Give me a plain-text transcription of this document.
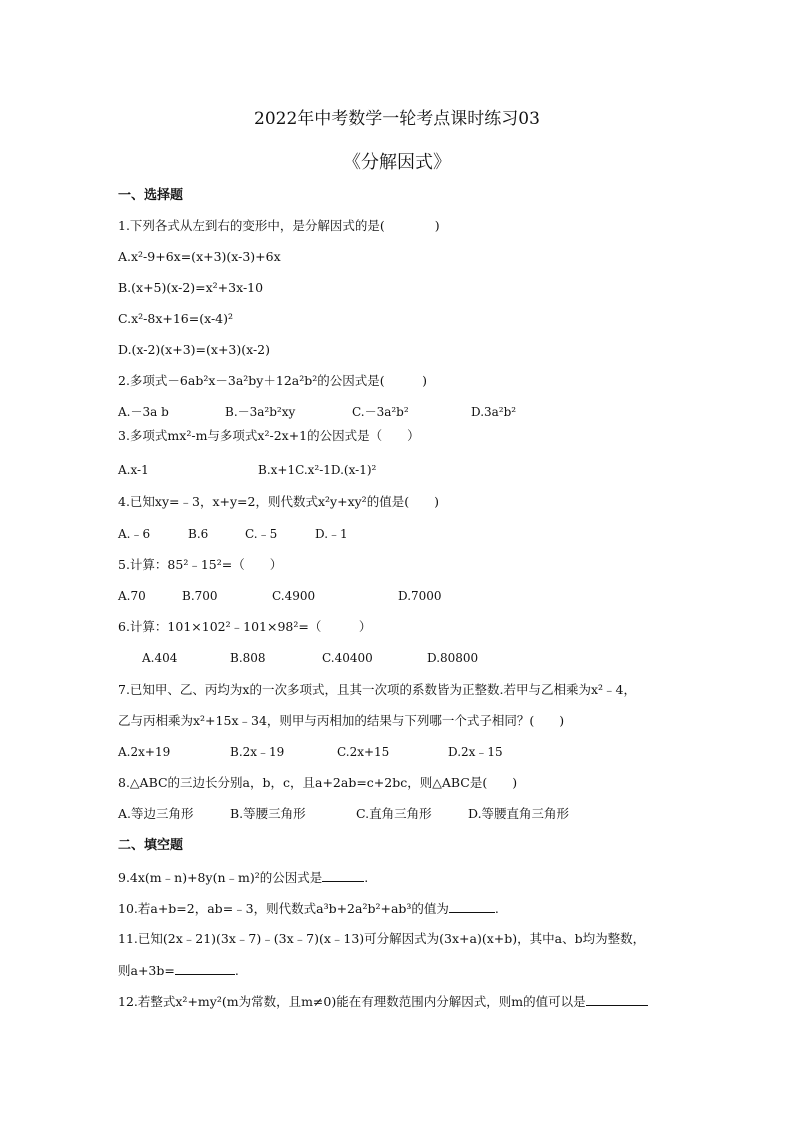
2022年中考数学一轮考点课时练习03
《分解因式》
一、选择题
1.下列各式从左到右的变形中，是分解因式的是(　　　　)
A.x²-9+6x=(x+3)(x-3)+6x
B.(x+5)(x-2)=x²+3x-10
C.x²-8x+16=(x-4)²
D.(x-2)(x+3)=(x+3)(x-2)
2.多项式－6ab²x－3a²by＋12a²b²的公因式是(　　　)
A.－3a b	B.－3a²b²xy	C.－3a²b²	D.3a²b²
3.多项式mx²-m与多项式x²-2x+1的公因式是（　　）
A.x-1	B.x+1C.x²-1D.(x-1)²
4.已知xy=﹣3，x+y=2，则代数式x²y+xy²的值是(　　)
A.﹣6	B.6	C.﹣5	D.﹣1
5.计算：85²﹣15²=（　　）
A.70	B.700	C.4900	D.7000
6.计算：101×102²﹣101×98²=（　　　）
A.404	B.808	C.40400	D.80800
7.已知甲、乙、丙均为x的一次多项式，且其一次项的系数皆为正整数.若甲与乙相乘为x²﹣4，
乙与丙相乘为x²+15x﹣34，则甲与丙相加的结果与下列哪一个式子相同？(　　)
A.2x+19	B.2x﹣19	C.2x+15	D.2x﹣15
8.△ABC的三边长分别a，b，c，且a+2ab=c+2bc，则△ABC是(　　)
A.等边三角形	B.等腰三角形	C.直角三角形	D.等腰直角三角形
二、填空题
9.4x(m﹣n)+8y(n﹣m)²的公因式是	.
10.若a+b=2，ab=﹣3，则代数式a³b+2a²b²+ab³的值为	.
11.已知(2x﹣21)(3x﹣7)﹣(3x﹣7)(x﹣13)可分解因式为(3x+a)(x+b)，其中a、b均为整数，
则a+3b=	.
12.若整式x²+my²(m为常数，且m≠0)能在有理数范围内分解因式，则m的值可以是
